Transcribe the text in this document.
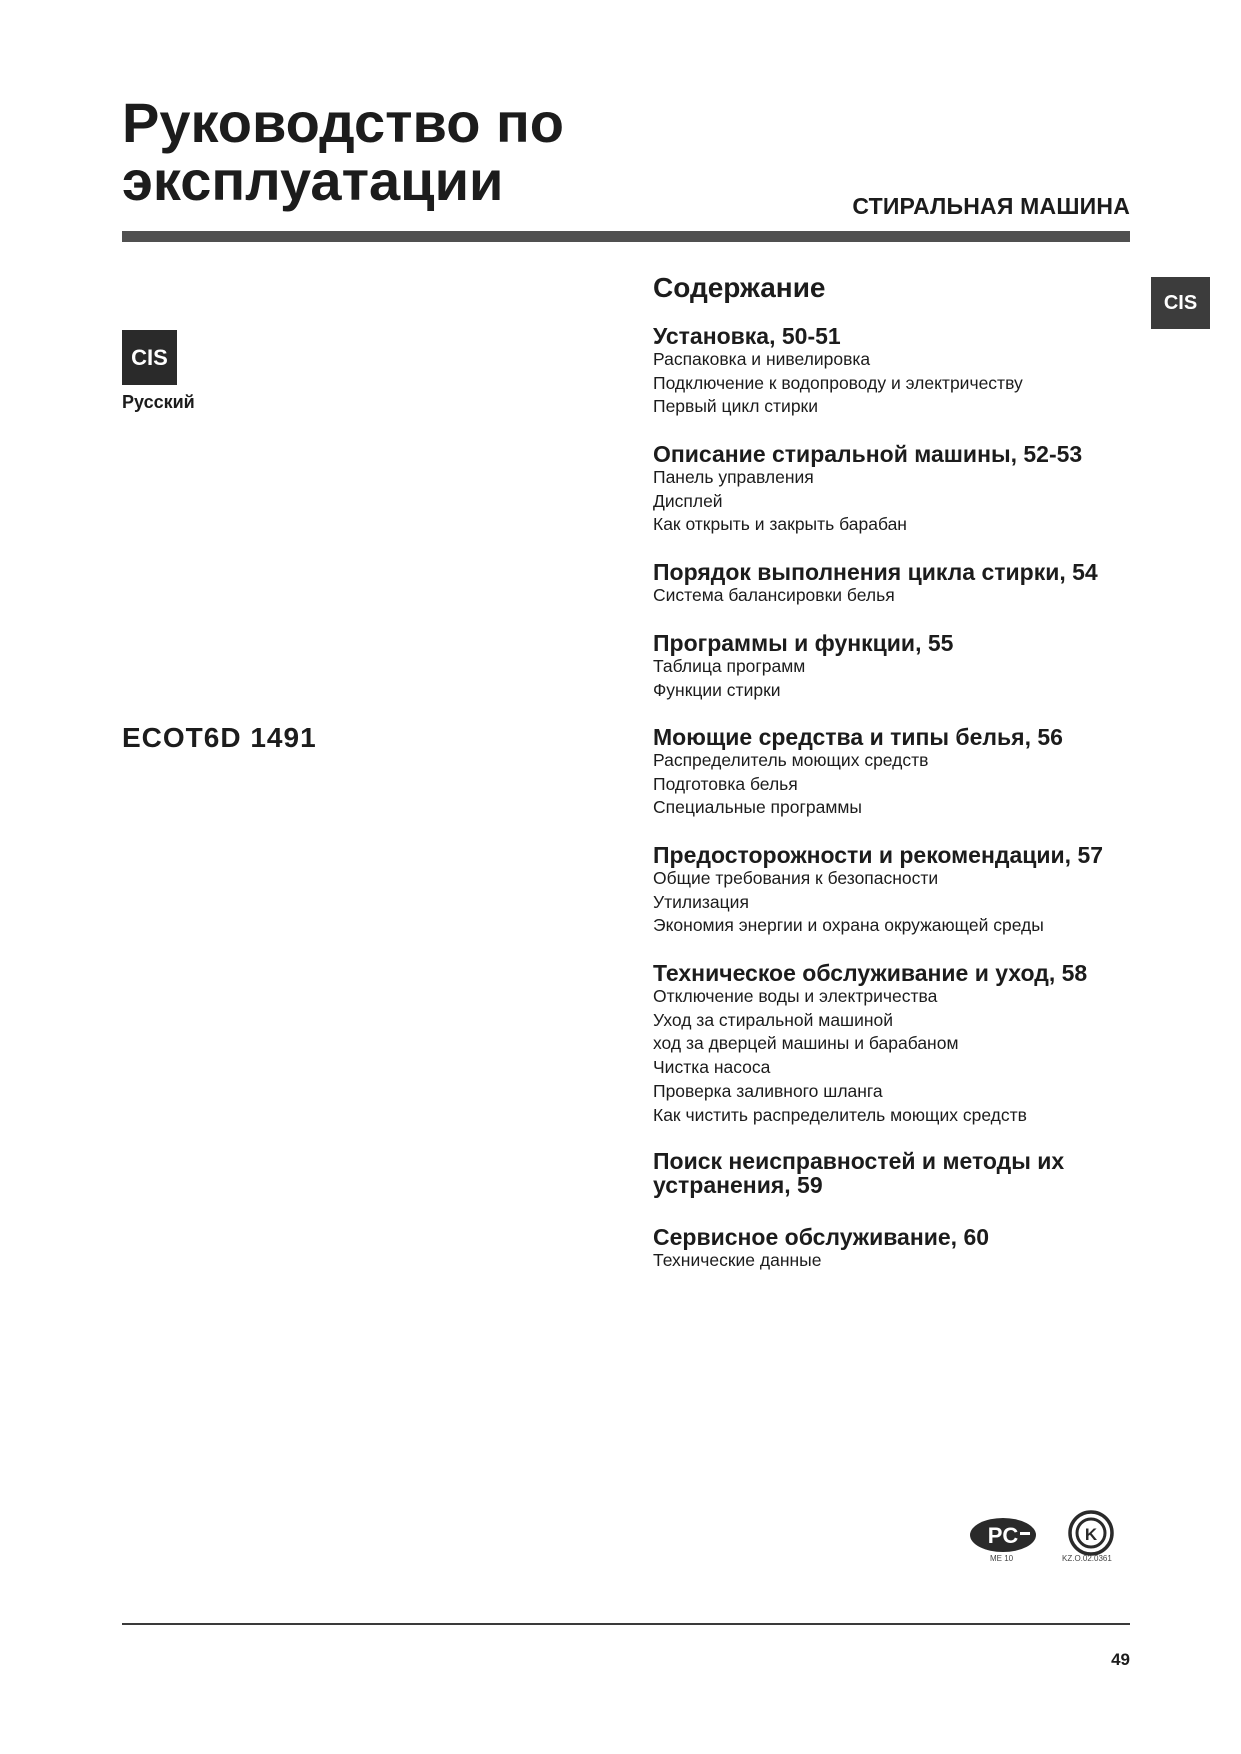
Руководство по
эксплуатации	СТИРАЛЬНАЯ МАШИНА
CIS
CIS
Русский
ECOT6D 1491
Содержание
Установка, 50-51
Распаковка и нивелировка
Подключение к водопроводу и электричеству
Первый цикл стирки
Описание стиральной машины, 52-53
Панель управления
Дисплей
Как открыть и закрыть барабан
Порядок выполнения цикла стирки, 54
Система балансировки белья
Программы и функции, 55
Таблица программ
Функции стирки
Моющие средства и типы белья, 56
Распределитель моющих средств
Подготовка белья
Специальные программы
Предосторожности и рекомендации, 57
Общие требования к безопасности
Утилизация
Экономия энергии и охрана окружающей среды
Техническое обслуживание и уход, 58
Отключение воды и электричества
Уход за стиральной машиной
ход за дверцей машины и барабаном
Чистка насоса
Проверка заливного шланга
Как чистить распределитель моющих средств
Поиск неисправностей и методы их
устранения, 59
Сервисное обслуживание, 60
Технические данные
PC
ME 10
K
KZ.O.02.0361
49
